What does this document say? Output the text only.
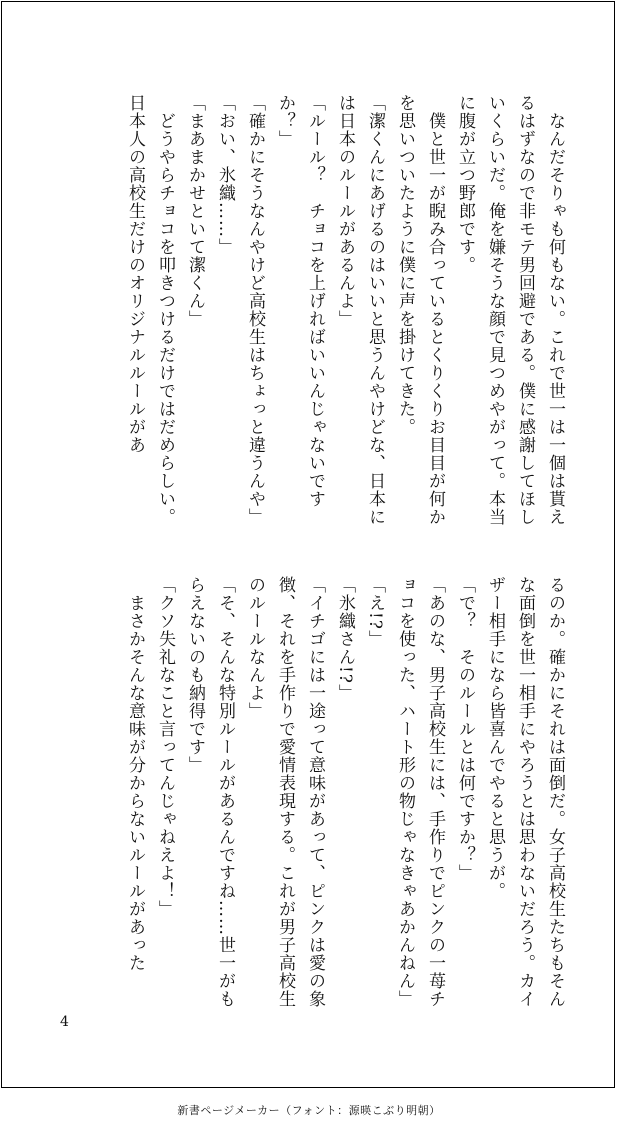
　なんだそりゃも何もない。これで世一は一個は貰えるはずなので非モテ男回避である。僕に感謝してほしいくらいだ。俺を嫌そうな顔で見つめやがって。本当に腹が立つ野郎です。
　僕と世一が睨み合っているとくりくりお目目が何かを思いついたように僕に声を掛けてきた。
「潔くんにあげるのはいいと思うんやけどな、日本には日本のルールがあるんよ」
「ルール？　チョコを上げればいいんじゃないですか？」
「確かにそうなんやけど高校生はちょっと違うんや」
「おい、氷織……」
「まあまかせといて潔くん」
　どうやらチョコを叩きつけるだけではだめらしい。日本人の高校生だけのオリジナルルールがあ

るのか。確かにそれは面倒だ。女子高校生たちもそんな面倒を世一相手にやろうとは思わないだろう。カイザー相手になら皆喜んでやると思うが。
「で？　そのルールとは何ですか？」
「あのな、男子高校生には、手作りでピンクの一苺チョコを使った、ハート形の物じゃなきゃあかんねん」
「え!?」
「氷織さん!?」
「イチゴには一途って意味があって、ピンクは愛の象徴、それを手作りで愛情表現する。これが男子高校生のルールなんよ」
「そ、そんな特別ルールがあるんですね……世一がもらえないのも納得です」
「クソ失礼なこと言ってんじゃねえよ！」
　まさかそんな意味が分からないルールがあった

4
新書ページメーカー（フォント：源暎こぶり明朝）
